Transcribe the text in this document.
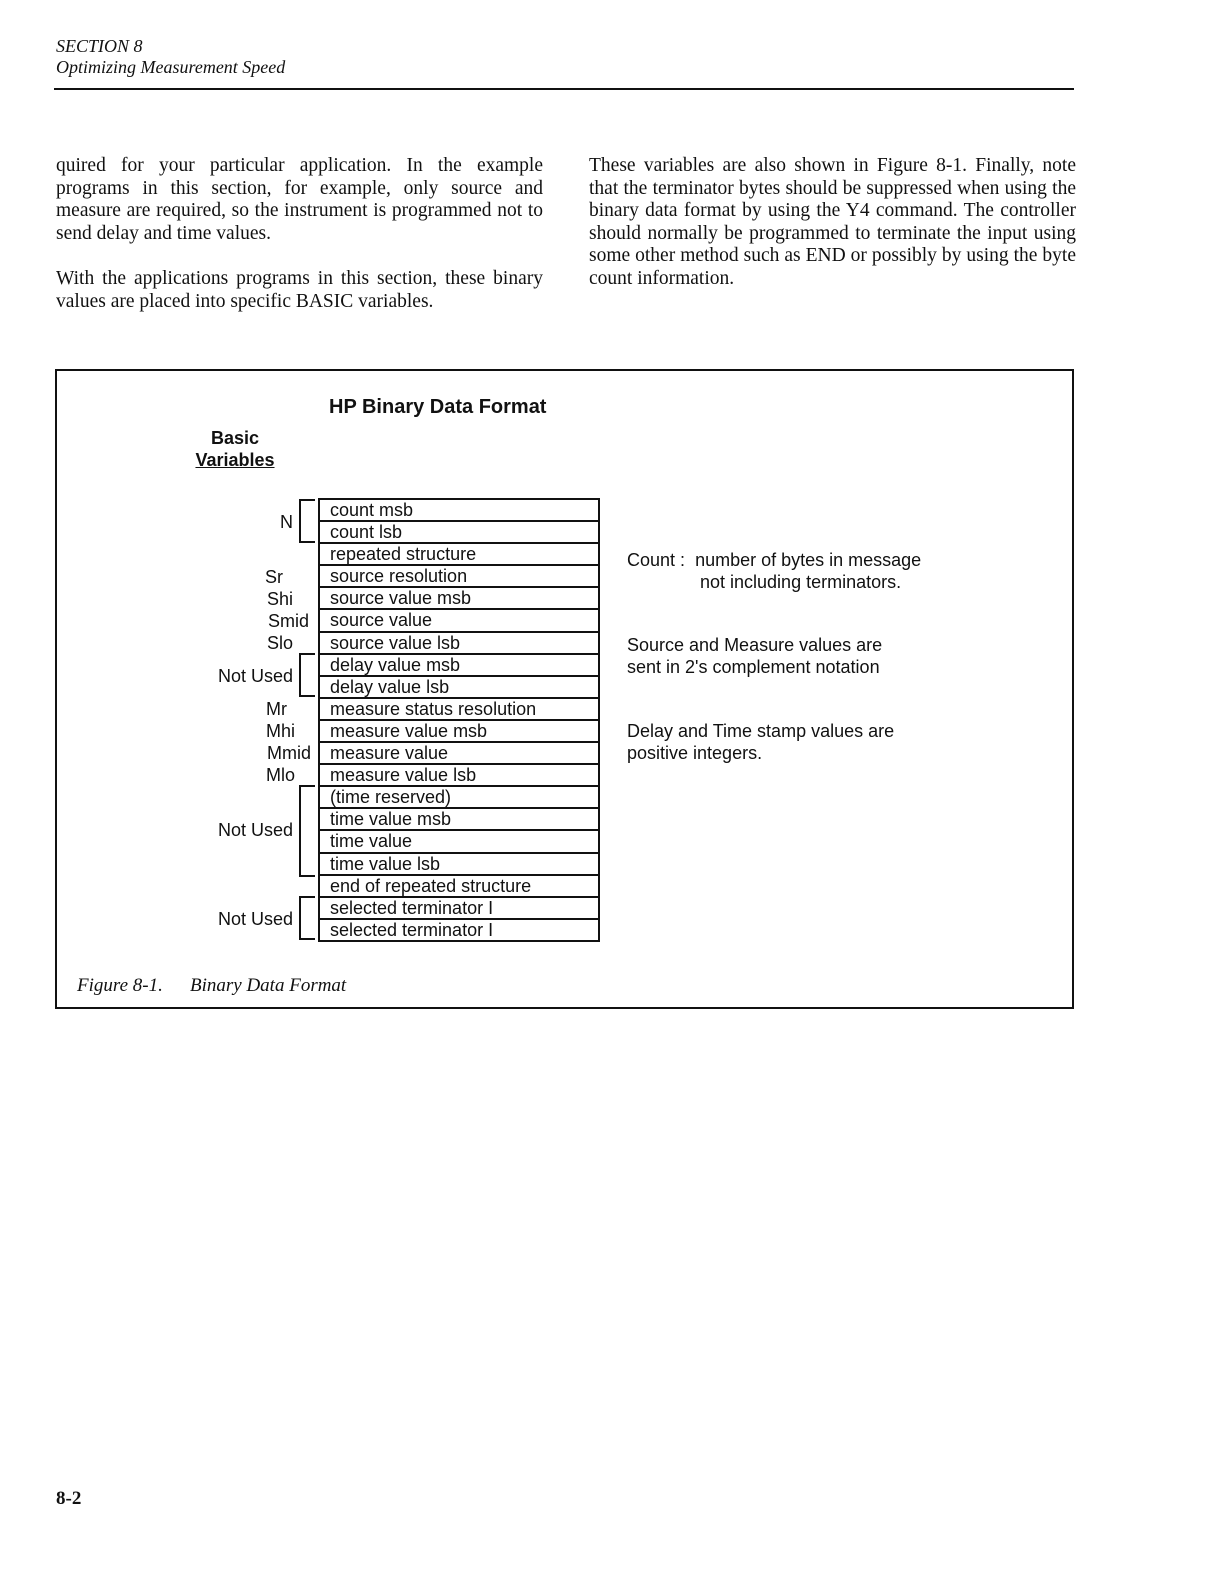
SECTION 8
Optimizing Measurement Speed

quired for your particular application. In the example programs in this section, for example, only source and measure are required, so the instrument is programmed not to send delay and time values.

With the applications programs in this section, these binary values are placed into specific BASIC variables.

These variables are also shown in Figure 8-1. Finally, note that the terminator bytes should be suppressed when using the binary data format by using the Y4 command. The controller should normally be programmed to terminate the input using some other method such as END or possibly by using the byte count information.

HP Binary Data Format
Basic
Variables
count msb
count lsb
repeated structure
source resolution
source value msb
source value
source value lsb
delay value msb
delay value lsb
measure status resolution
measure value msb
measure value
measure value lsb
(time reserved)
time value msb
time value
time value lsb
end of repeated structure
selected terminator I
selected terminator I
N
Sr
Shi
Smid
Slo
Not Used
Mr
Mhi
Mmid
Mlo
Not Used
Not Used
Count : number of bytes in message
not including terminators.
Source and Measure values are
sent in 2's complement notation
Delay and Time stamp values are
positive integers.
Figure 8-1. Binary Data Format
8-2
